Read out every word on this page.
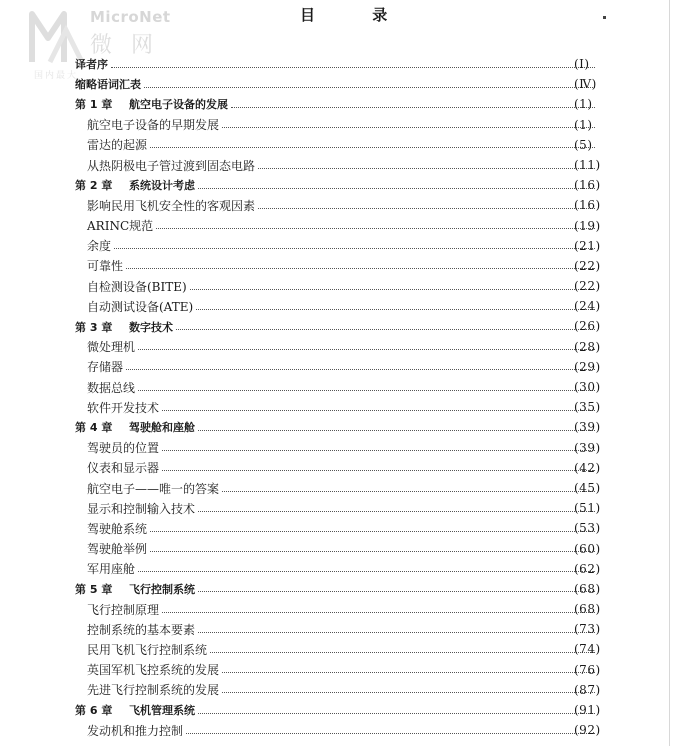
MicroNet
微 网
国内最大
目 录
译者序	(Ⅰ)
缩略语词汇表	(Ⅳ)
第 1 章	航空电子设备的发展	(1)
航空电子设备的早期发展	(1)
雷达的起源	(5)
从热阴极电子管过渡到固态电路	(11)
第 2 章	系统设计考虑	(16)
影响民用飞机安全性的客观因素	(16)
ARINC规范	(19)
余度	(21)
可靠性	(22)
自检测设备(BITE)	(22)
自动测试设备(ATE)	(24)
第 3 章	数字技术	(26)
微处理机	(28)
存储器	(29)
数据总线	(30)
软件开发技术	(35)
第 4 章	驾驶舱和座舱	(39)
驾驶员的位置	(39)
仪表和显示器	(42)
航空电子——唯一的答案	(45)
显示和控制输入技术	(51)
驾驶舱系统	(53)
驾驶舱举例	(60)
军用座舱	(62)
第 5 章	飞行控制系统	(68)
飞行控制原理	(68)
控制系统的基本要素	(73)
民用飞机飞行控制系统	(74)
英国军机飞控系统的发展	(76)
先进飞行控制系统的发展	(87)
第 6 章	飞机管理系统	(91)
发动机和推力控制	(92)
